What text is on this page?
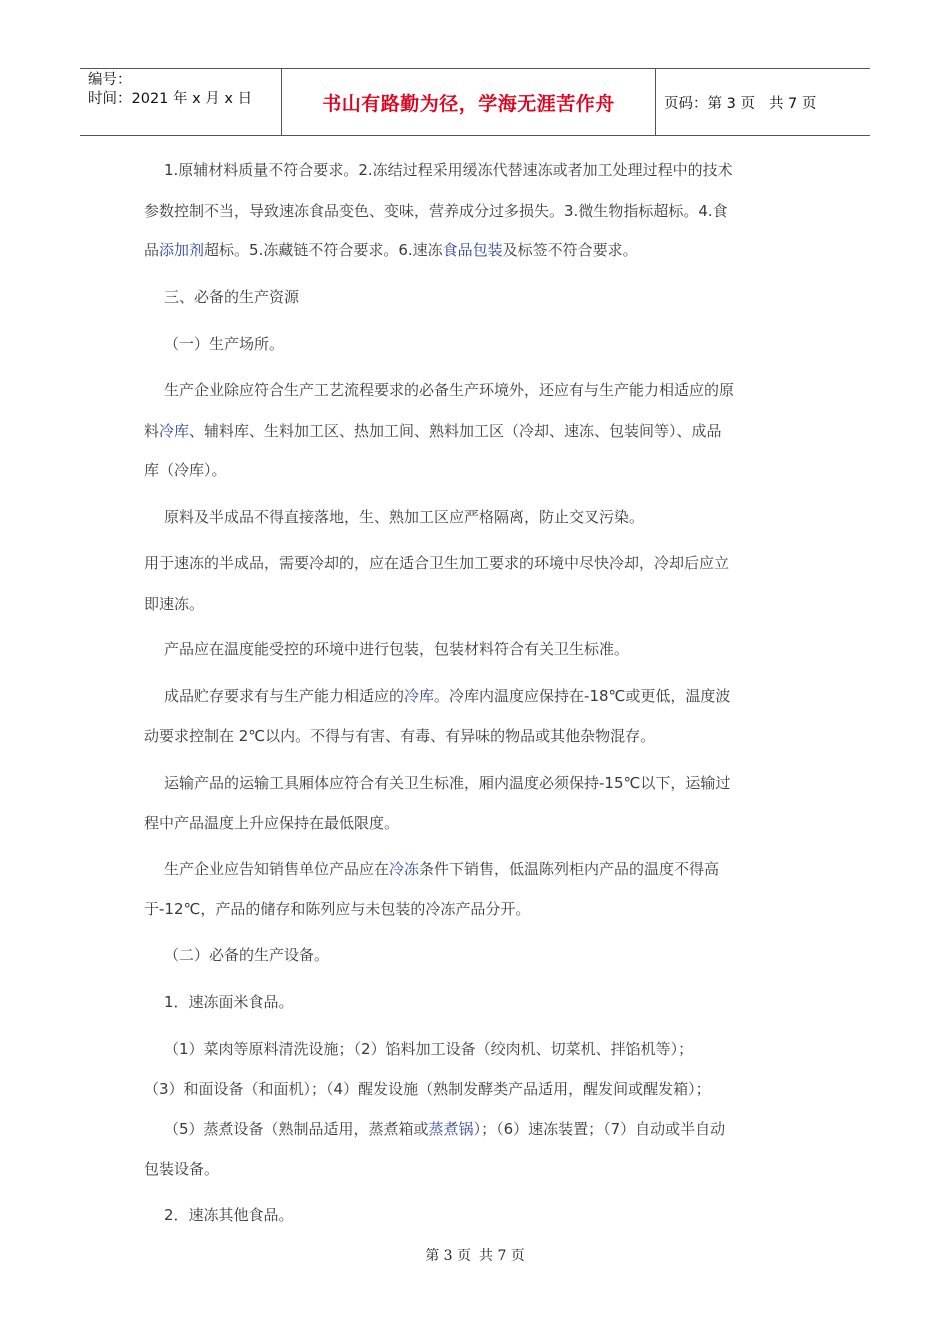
编号：
时间：2021 年 x 月 x 日	书山有路勤为径，学海无涯苦作舟	页码：第 3 页 共 7 页
1.原辅材料质量不符合要求。2.冻结过程采用缓冻代替速冻或者加工处理过程中的技术
参数控制不当，导致速冻食品变色、变味，营养成分过多损失。3.微生物指标超标。4.食
品添加剂超标。5.冻藏链不符合要求。6.速冻食品包装及标签不符合要求。
三、必备的生产资源
（一）生产场所。
生产企业除应符合生产工艺流程要求的必备生产环境外，还应有与生产能力相适应的原
料冷库、辅料库、生料加工区、热加工间、熟料加工区（冷却、速冻、包装间等）、成品
库（冷库）。
原料及半成品不得直接落地，生、熟加工区应严格隔离，防止交叉污染。
用于速冻的半成品，需要冷却的，应在适合卫生加工要求的环境中尽快冷却，冷却后应立
即速冻。
产品应在温度能受控的环境中进行包装，包装材料符合有关卫生标准。
成品贮存要求有与生产能力相适应的冷库。冷库内温度应保持在-18℃或更低，温度波
动要求控制在 2℃以内。不得与有害、有毒、有异味的物品或其他杂物混存。
运输产品的运输工具厢体应符合有关卫生标准，厢内温度必须保持-15℃以下，运输过
程中产品温度上升应保持在最低限度。
生产企业应告知销售单位产品应在冷冻条件下销售，低温陈列柜内产品的温度不得高
于-12℃，产品的储存和陈列应与未包装的冷冻产品分开。
（二）必备的生产设备。
1．速冻面米食品。
（1）菜肉等原料清洗设施；（2）馅料加工设备（绞肉机、切菜机、拌馅机等）；
（3）和面设备（和面机）；（4）醒发设施（熟制发酵类产品适用，醒发间或醒发箱）；
（5）蒸煮设备（熟制品适用，蒸煮箱或蒸煮锅）；（6）速冻装置；（7）自动或半自动
包装设备。
2．速冻其他食品。
第 3 页 共 7 页
